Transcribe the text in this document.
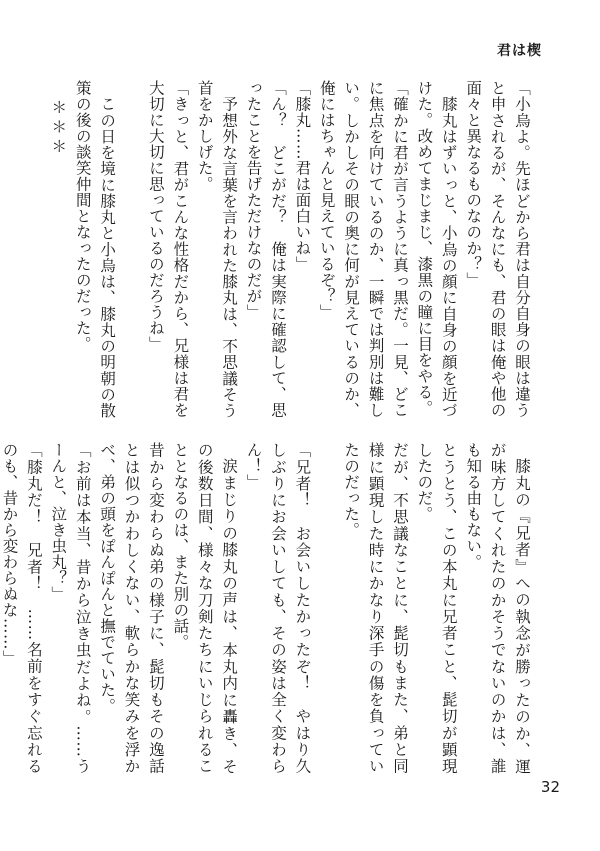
君は楔

「小烏よ。先ほどから君は自分自身の眼は違うと申されるが、そんなにも、君の眼は俺や他の面々と異なるものなのか？」

膝丸はずいっと、小烏の顔に自身の顔を近づけた。改めてまじまじ、漆黒の瞳に目をやる。

「確かに君が言うように真っ黒だ。一見、どこに焦点を向けているのか、一瞬では判別は難しい。しかしその眼の奥に何が見えているのか、俺にはちゃんと見えているぞ？」

「膝丸……君は面白いね」

「ん？　どこがだ？　俺は実際に確認して、思ったことを告げただけなのだが」

予想外な言葉を言われた膝丸は、不思議そう首をかしげた。

「きっと、君がこんな性格だから、兄様は君を大切に大切に思っているのだろうね」

この日を境に膝丸と小烏は、膝丸の明朝の散策の後の談笑仲間となったのだった。

＊＊＊

膝丸の『兄者』への執念が勝ったのか、運が味方してくれたのかそうでないのかは、誰も知る由もない。

とうとう、この本丸に兄者こと、髭切が顕現したのだ。

だが、不思議なことに、髭切もまた、弟と同様に顕現した時にかなり深手の傷を負っていたのだった。

「兄者！　お会いしたかったぞ！　やはり久しぶりにお会いしても、その姿は全く変わらん！」

涙まじりの膝丸の声は、本丸内に轟き、その後数日間、様々な刀剣たちにいじられることとなるのは、また別の話。

昔から変わらぬ弟の様子に、髭切もその逸話とは似つかわしくない、軟らかな笑みを浮かべ、弟の頭をぽんぽんと撫でていた。

「お前は本当、昔から泣き虫だよね。……うーんと、泣き虫丸？」

「膝丸だ！　兄者！　……名前をすぐ忘れるのも、昔から変わらぬな……」

32
